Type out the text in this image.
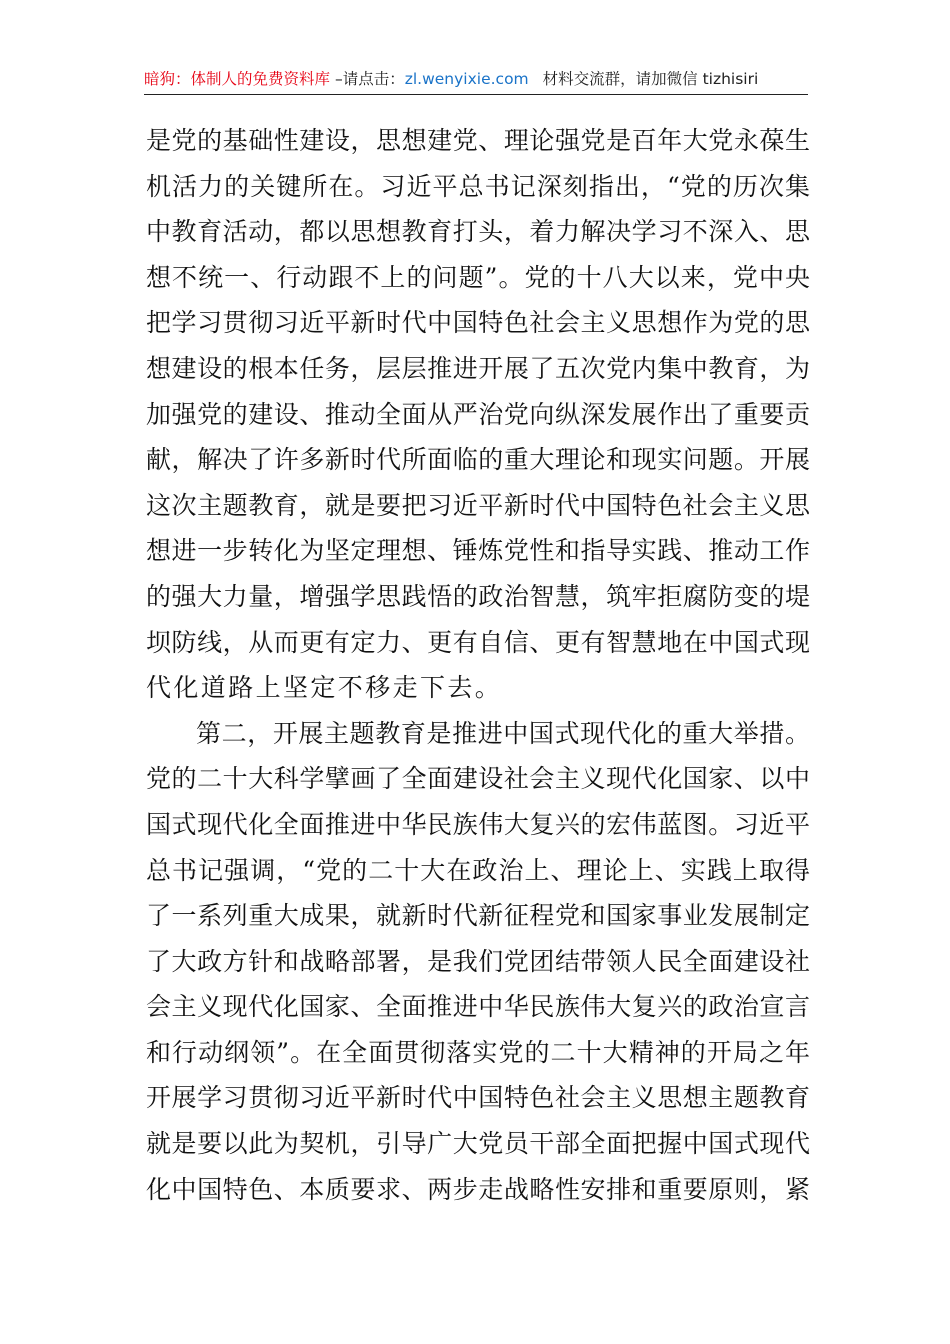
暗狗：体制人的免费资料库 –请点击：zl.wenyixie.com 材料交流群，请加微信 tizhisiri
是党的基础性建设，思想建党、理论强党是百年大党永葆生
机活力的关键所在。习近平总书记深刻指出，“党的历次集
中教育活动，都以思想教育打头，着力解决学习不深入、思
想不统一、行动跟不上的问题”。党的十八大以来，党中央
把学习贯彻习近平新时代中国特色社会主义思想作为党的思
想建设的根本任务，层层推进开展了五次党内集中教育，为
加强党的建设、推动全面从严治党向纵深发展作出了重要贡
献，解决了许多新时代所面临的重大理论和现实问题。开展
这次主题教育，就是要把习近平新时代中国特色社会主义思
想进一步转化为坚定理想、锤炼党性和指导实践、推动工作
的强大力量，增强学思践悟的政治智慧，筑牢拒腐防变的堤
坝防线，从而更有定力、更有自信、更有智慧地在中国式现
代化道路上坚定不移走下去。
第二，开展主题教育是推进中国式现代化的重大举措。
党的二十大科学擘画了全面建设社会主义现代化国家、以中
国式现代化全面推进中华民族伟大复兴的宏伟蓝图。习近平
总书记强调，“党的二十大在政治上、理论上、实践上取得
了一系列重大成果，就新时代新征程党和国家事业发展制定
了大政方针和战略部署，是我们党团结带领人民全面建设社
会主义现代化国家、全面推进中华民族伟大复兴的政治宣言
和行动纲领”。在全面贯彻落实党的二十大精神的开局之年
开展学习贯彻习近平新时代中国特色社会主义思想主题教育
就是要以此为契机，引导广大党员干部全面把握中国式现代
化中国特色、本质要求、两步走战略性安排和重要原则，紧
